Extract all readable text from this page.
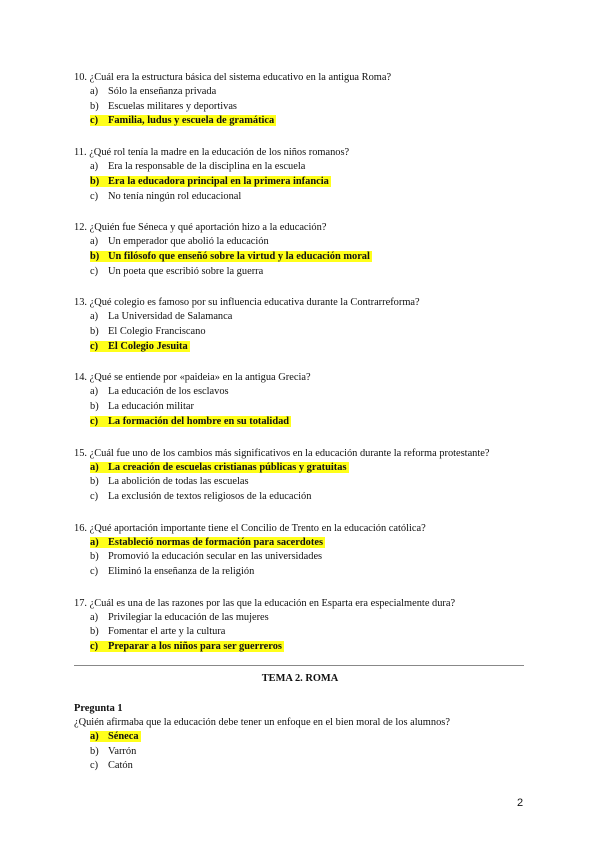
10. ¿Cuál era la estructura básica del sistema educativo en la antigua Roma?
a) Sólo la enseñanza privada
b) Escuelas militares y deportivas
c) Familia, ludus y escuela de gramática
11. ¿Qué rol tenía la madre en la educación de los niños romanos?
a) Era la responsable de la disciplina en la escuela
b) Era la educadora principal en la primera infancia
c) No tenía ningún rol educacional
12. ¿Quién fue Séneca y qué aportación hizo a la educación?
a) Un emperador que abolió la educación
b) Un filósofo que enseñó sobre la virtud y la educación moral
c) Un poeta que escribió sobre la guerra
13. ¿Qué colegio es famoso por su influencia educativa durante la Contrarreforma?
a) La Universidad de Salamanca
b) El Colegio Franciscano
c) El Colegio Jesuita
14. ¿Qué se entiende por «paideia» en la antigua Grecia?
a) La educación de los esclavos
b) La educación militar
c) La formación del hombre en su totalidad
15. ¿Cuál fue uno de los cambios más significativos en la educación durante la reforma protestante?
a) La creación de escuelas cristianas públicas y gratuitas
b) La abolición de todas las escuelas
c) La exclusión de textos religiosos de la educación
16. ¿Qué aportación importante tiene el Concilio de Trento en la educación católica?
a) Estableció normas de formación para sacerdotes
b) Promovió la educación secular en las universidades
c) Eliminó la enseñanza de la religión
17. ¿Cuál es una de las razones por las que la educación en Esparta era especialmente dura?
a) Privilegiar la educación de las mujeres
b) Fomentar el arte y la cultura
c) Preparar a los niños para ser guerreros
TEMA 2. ROMA
Pregunta 1
¿Quién afirmaba que la educación debe tener un enfoque en el bien moral de los alumnos?
a) Séneca
b) Varrón
c) Catón
2
